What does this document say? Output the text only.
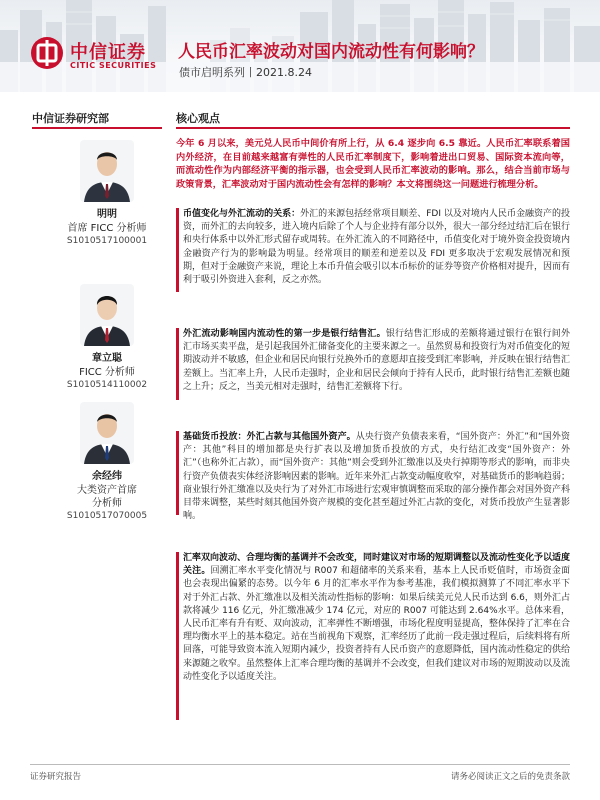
中信证券
CITIC SECURITIES
人民币汇率波动对国内流动性有何影响？
债市启明系列丨2021.8.24
中信证券研究部
明明
首席 FICC 分析师
S1010517100001
章立聪
FICC 分析师
S1010514110002
余经纬
大类资产首席
分析师
S1010517070005
核心观点
今年 6 月以来，美元兑人民币中间价有所上行，从 6.4 逐步向 6.5 靠近。人民币汇率联系着国内外经济，在目前越来越富有弹性的人民币汇率制度下，影响着进出口贸易、国际资本流向等，而流动性作为内部经济平衡的指示器，也会受到人民币汇率波动的影响。那么，结合当前市场与政策背景，汇率波动对于国内流动性会有怎样的影响？本文将围绕这一问题进行梳理分析。
币值变化与外汇流动的关系：外汇的来源包括经常项目顺差、FDI 以及对境内人民币金融资产的投资，而外汇的去向较多，进入境内后除了个人与企业持有部分以外，很大一部分经过结汇后在银行和央行体系中以外汇形式留存或周转。在外汇流入的不同路径中，币值变化对于境外资金投资境内金融资产行为的影响最为明显。经常项目的顺差和逆差以及 FDI 更多取决于宏观发展情况和预期，但对于金融资产来说，理论上本币升值会吸引以本币标价的证券等资产价格相对提升，因而有利于吸引外资进入套利，反之亦然。
外汇流动影响国内流动性的第一步是银行结售汇。银行结售汇形成的差额将通过银行在银行间外汇市场买卖平盘，是引起我国外汇储备变化的主要来源之一。虽然贸易和投资行为对币值变化的短期波动并不敏感，但企业和居民向银行兑换外币的意愿却直接受到汇率影响，并反映在银行结售汇差额上。当汇率上升，人民币走强时，企业和居民会倾向于持有人民币，此时银行结售汇差额也随之上升；反之，当美元相对走强时，结售汇差额将下行。
基础货币投放：外汇占款与其他国外资产。从央行资产负债表来看，“国外资产：外汇”和“国外资产：其他”科目的增加都是央行扩表以及增加货币投放的方式，央行结汇改变“国外资产：外汇”（也称外汇占款），而“国外资产：其他”则会受到外汇缴准以及央行掉期等形式的影响，而非央行资产负债表实体经济影响因素的影响。近年来外汇占款变动幅度收窄，对基础货币的影响趋弱；商业银行外汇缴准以及央行为了对外汇市场进行宏观审慎调整而采取的部分操作都会对国外资产科目带来调整，某些时刻其他国外资产规模的变化甚至超过外汇占款的变化，对货币投放产生显著影响。
汇率双向波动、合理均衡的基调并不会改变，同时建议对市场的短期调整以及流动性变化予以适度关注。回溯汇率水平变化情况与 R007 和超储率的关系来看，基本上人民币贬值时，市场资金面也会表现出偏紧的态势。以今年 6 月的汇率水平作为参考基准，我们模拟测算了不同汇率水平下对于外汇占款、外汇缴准以及相关流动性指标的影响：如果后续美元兑人民币达到 6.6，则外汇占款将减少 116 亿元，外汇缴准减少 174 亿元，对应的 R007 可能达到 2.64%水平。总体来看，人民币汇率有升有贬、双向波动，汇率弹性不断增强，市场化程度明显提高，整体保持了汇率在合理均衡水平上的基本稳定。站在当前视角下观察，汇率经历了此前一段走强过程后，后续料将有所回落，可能导致资本流入短期内减少，投资者持有人民币资产的意愿降低，国内流动性稳定的供给来源随之收窄。虽然整体上汇率合理均衡的基调并不会改变，但我们建议对市场的短期波动以及流动性变化予以适度关注。
证券研究报告	请务必阅读正文之后的免责条款
